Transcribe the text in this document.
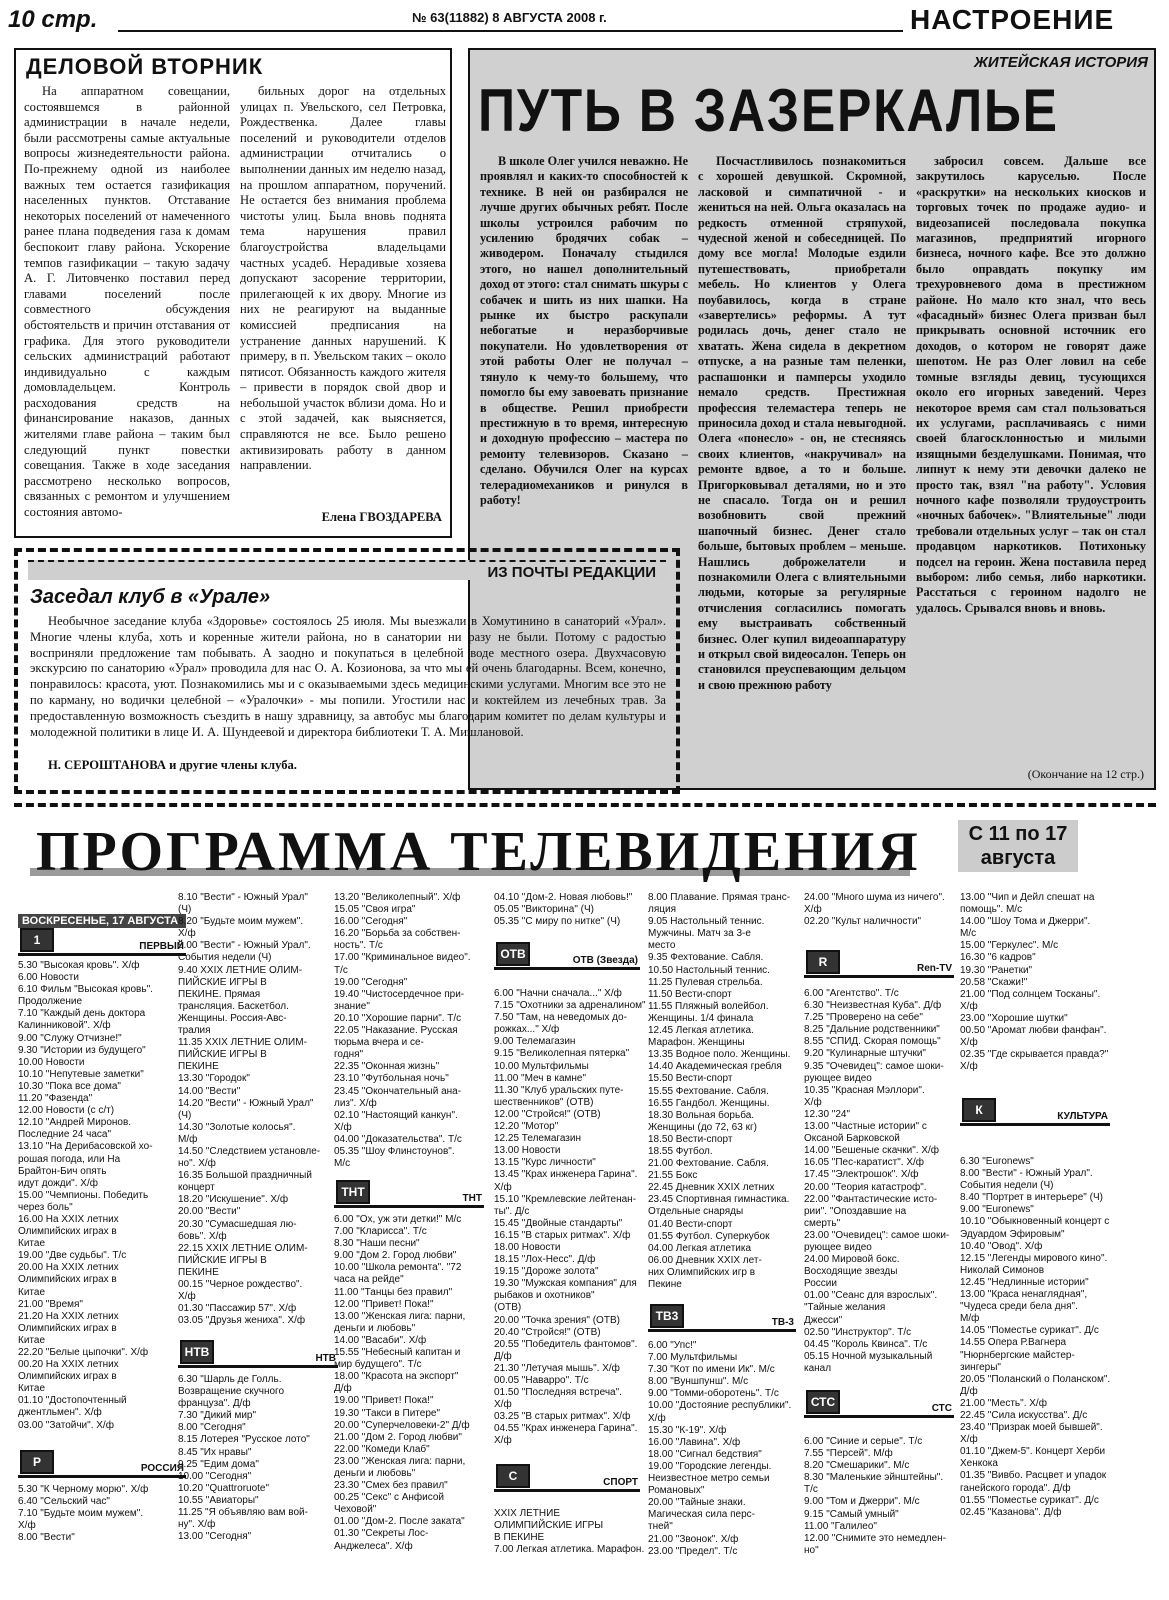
10 стр.	№ 63(11882) 8 АВГУСТА 2008 г.	НАСТРОЕНИЕ
ДЕЛОВОЙ ВТОРНИК

На аппаратном совещании, состоявшемся в районной администрации в начале недели, были рассмотрены самые актуальные вопросы жизнедеятельности района. По-прежнему одной из наиболее важных тем остается газификация населенных пунктов. Отставание некоторых поселений от намеченного ранее плана подведения газа к домам беспокоит главу района. Ускорение темпов газификации – такую задачу А. Г. Литовченко поставил перед главами поселений после совместного обсуждения обстоятельств и причин отставания от графика. Для этого руководители сельских администраций работают индивидуально с каждым домовладельцем. Контроль расходования средств на финансирование наказов, данных жителями главе района – таким был следующий пункт повестки совещания. Также в ходе заседания рассмотрено несколько вопросов, связанных с ремонтом и улучшением состояния автомо-

бильных дорог на отдельных улицах п. Увельского, сел Петровка, Рождественка. Далее главы поселений и руководители отделов администрации отчитались о выполнении данных им неделю назад, на прошлом аппаратном, поручений. Не остается без внимания проблема чистоты улиц. Была вновь поднята тема нарушения правил благоустройства владельцами частных усадеб. Нерадивые хозяева допускают засорение территории, прилегающей к их двору. Многие из них не реагируют на выданные комиссией предписания на устранение данных нарушений. К примеру, в п. Увельском таких – около пятисот. Обязанность каждого жителя – привести в порядок свой двор и небольшой участок вблизи дома. Но и с этой задачей, как выясняется, справляются не все. Было решено активизировать работу в данном направлении.

Елена ГВОЗДАРЕВА
ЖИТЕЙСКАЯ ИСТОРИЯ
ПУТЬ В ЗАЗЕРКАЛЬЕ

В школе Олег учился неважно. Не проявлял и каких-то способностей к технике. В ней он разбирался не лучше других обычных ребят. После школы устроился рабочим по усилению бродячих собак – живодером. Поначалу стыдился этого, но нашел дополнительный доход от этого: стал снимать шкуры с собачек и шить из них шапки. На рынке их быстро раскупали небогатые и неразборчивые покупатели. Но удовлетворения от этой работы Олег не получал – тянуло к чему-то большему, что помогло бы ему завоевать признание в обществе. Решил приобрести престижную в то время, интересную и доходную профессию – мастера по ремонту телевизоров. Сказано – сделано. Обучился Олег на курсах телерадиомехаников и ринулся в работу!

Посчастливилось познакомиться с хорошей девушкой. Скромной, ласковой и симпатичной - и жениться на ней. Ольга оказалась на редкость отменной стряпухой, чудесной женой и собеседницей. По дому все могла! Молодые ездили путешествовать, приобретали мебель. Но клиентов у Олега поубавилось, когда в стране «завертелись» реформы. А тут родилась дочь, денег стало не хватать. Жена сидела в декретном отпуске, а на разные там пеленки, распашонки и памперсы уходило немало средств. Престижная профессия телемастера теперь не приносила доход и стала невыгодной. Олега «понесло» - он, не стесняясь своих клиентов, «накручивал» на ремонте вдвое, а то и больше. Пригорковывал деталями, но и это не спасало. Тогда он и решил возобновить свой прежний шапочный бизнес. Денег стало больше, бытовых проблем – меньше. Нашлись доброжелатели и познакомили Олега с влиятельными людьми, которые за регулярные отчисления согласились помогать ему выстраивать собственный бизнес. Олег купил видеоаппаратуру и открыл свой видеосалон. Теперь он становился преуспевающим дельцом и свою прежнюю работу

забросил совсем. Дальше все закрутилось каруселью. После «раскрутки» на нескольких киосков и торговых точек по продаже аудио- и видеозаписей последовала покупка магазинов, предприятий игорного бизнеса, ночного кафе. Все это должно было оправдать покупку им трехуровневого дома в престижном районе. Но мало кто знал, что весь «фасадный» бизнес Олега призван был прикрывать основной источник его доходов, о котором не говорят даже шепотом. Не раз Олег ловил на себе томные взгляды девиц, тусующихся около его игорных заведений. Через некоторое время сам стал пользоваться их услугами, расплачиваясь с ними своей благосклонностью и милыми изящными безделушками. Понимая, что липнут к нему эти девочки далеко не просто так, взял "на работу". Условия ночного кафе позволяли трудоустроить «ночных бабочек». "Влиятельные" люди требовали отдельных услуг – так он стал продавцом наркотиков. Потихоньку подсел на героин. Жена поставила перед выбором: либо семья, либо наркотики. Расстаться с героином надолго не удалось. Срывался вновь и вновь.

(Окончание на 12 стр.)
ИЗ ПОЧТЫ РЕДАКЦИИ
Заседал клуб в «Урале»

Необычное заседание клуба «Здоровье» состоялось 25 июля. Мы выезжали в Хомутинино в санаторий «Урал». Многие члены клуба, хоть и коренные жители района, но в санатории ни разу не были. Потому с радостью восприняли предложение там побывать. А заодно и покупаться в целебной воде местного озера. Двухчасовую экскурсию по санаторию «Урал» проводила для нас О. А. Козионова, за что мы ей очень благодарны. Всем, конечно, понравилось: красота, уют. Познакомились мы и с оказываемыми здесь медицинскими услугами. Многим все это не по карману, но водички целебной – «Уралочки» - мы попили. Угостили нас и коктейлем из лечебных трав. За предоставленную возможность съездить в нашу здравницу, за автобус мы благодарим комитет по делам культуры и молодежной политики в лице И. А. Шундеевой и директора библиотеки Т. А. Мишлановой.

Н. СЕРОШТАНОВА и другие члены клуба.
ПРОГРАММА ТЕЛЕВИДЕНИЯ	С 11 по 17
августа
ВОСКРЕСЕНЬЕ, 17 АВГУСТА
1	ПЕРВЫЙ
5.30 "Высокая кровь". Х/ф
6.00 Новости
6.10 Фильм "Высокая кровь".
Продолжение
7.10 "Каждый день доктора
Калинниковой". Х/ф
9.00 "Служу Отчизне!"
9.30 "Истории из будущего"
10.00 Новости
10.10 "Непутевые заметки"
10.30 "Пока все дома"
11.20 "Фазенда"
12.00 Новости (с с/т)
12.10 "Андрей Миронов.
Последние 24 часа"
13.10 "На Дерибасовской хо-
рошая погода, или На
Брайтон-Бич опять
идут дожди". Х/ф
15.00 "Чемпионы. Победить
через боль"
16.00 На XXIX летних
Олимпийских играх в
Китае
19.00 "Две судьбы". Т/с
20.00 На XXIX летних
Олимпийских играх в
Китае
21.00 "Время"
21.20 На XXIX летних
Олимпийских играх в
Китае
22.20 "Белые цыпочки". Х/ф
00.20 На XXIX летних
Олимпийских играх в
Китае
01.10 "Достопочтенный
джентльмен". Х/ф
03.00 "Затойчи". Х/ф
Р	РОССИЯ
5.30 "К Черному морю". Х/ф
6.40 "Сельский час"
7.10 "Будьте моим мужем".
Х/ф
8.00 "Вести"
8.10 "Вести" - Южный Урал"
(Ч)
8.20 "Будьте моим мужем".
Х/ф
9.00 "Вести" - Южный Урал".
События недели (Ч)
9.40 XXIX ЛЕТНИЕ ОЛИМ-
ПИЙСКИЕ ИГРЫ В
ПЕКИНЕ. Прямая
трансляция. Баскетбол.
Женщины. Россия-Авс-
тралия
11.35 XXIX ЛЕТНИЕ ОЛИМ-
ПИЙСКИЕ ИГРЫ В
ПЕКИНЕ
13.30 "Городок"
14.00 "Вести"
14.20 "Вести" - Южный Урал"
(Ч)
14.30 "Золотые колосья".
М/ф
14.50 "Следствием установле-
но". Х/ф
16.35 Большой праздничный
концерт
18.20 "Искушение". Х/ф
20.00 "Вести"
20.30 "Сумасшедшая лю-
бовь". Х/ф
22.15 XXIX ЛЕТНИЕ ОЛИМ-
ПИЙСКИЕ ИГРЫ В
ПЕКИНЕ
00.15 "Черное рождество".
Х/ф
01.30 "Пассажир 57". Х/ф
03.05 "Друзья жениха". Х/ф
НТВ	НТВ
6.30 "Шарль де Голль.
Возвращение скучного
француза". Д/ф
7.30 "Дикий мир"
8.00 "Сегодня"
8.15 Лотерея "Русское лото"
8.45 "Их нравы"
9.25 "Едим дома"
10.00 "Сегодня"
10.20 "Quattroruote"
10.55 "Авиаторы"
11.25 "Я объявляю вам вой-
ну". Х/ф
13.00 "Сегодня"
13.20 "Великолепный". Х/ф
15.05 "Своя игра"
16.00 "Сегодня"
16.20 "Борьба за собствен-
ность". Т/с
17.00 "Криминальное видео".
Т/с
19.00 "Сегодня"
19.40 "Чистосердечное при-
знание"
20.10 "Хорошие парни". Т/с
22.05 "Наказание. Русская
тюрьма вчера и се-
годня"
22.35 "Оконная жизнь"
23.10 "Футбольная ночь"
23.45 "Окончательный ана-
лиз". Х/ф
02.10 "Настоящий канкун".
Х/ф
04.00 "Доказательства". Т/с
05.35 "Шоу Флинстоунов".
М/с
ТНТ	ТНТ
6.00 "Ох, уж эти детки!" М/с
7.00 "Кларисса". Т/с
8.30 "Наши песни"
9.00 "Дом 2. Город любви"
10.00 "Школа ремонта". "72
часа на рейде"
11.00 "Танцы без правил"
12.00 "Привет! Пока!"
13.00 "Женская лига: парни,
деньги и любовь"
14.00 "Васаби". Х/ф
15.55 "Небесный капитан и
мир будущего". Т/с
18.00 "Красота на экспорт"
Д/ф
19.00 "Привет! Пока!"
19.30 "Такси в Питере"
20.00 "Суперчеловеки-2" Д/ф
21.00 "Дом 2. Город любви"
22.00 "Комеди Клаб"
23.00 "Женская лига: парни,
деньги и любовь"
23.30 "Смех без правил"
00.25 "Секс" с Анфисой
Чеховой"
01.00 "Дом-2. После заката"
01.30 "Секреты Лос-
Анджелеса". Х/ф
04.10 "Дом-2. Новая любовь!"
05.05 "Викторина" (Ч)
05.35 "С миру по нитке" (Ч)
ОТВ	ОТВ (Звезда)
6.00 "Начни сначала..." Х/ф
7.15 "Охотники за адреналином"
7.50 "Там, на неведомых до-
рожках..." Х/ф
9.00 Телемагазин
9.15 "Великолепная пятерка"
10.00 Мультфильмы
11.00 "Меч в камне"
11.30 "Клуб уральских путе-
шественников" (ОТВ)
12.00 "Стройся!" (ОТВ)
12.20 "Мотор"
12.25 Телемагазин
13.00 Новости
13.15 "Курс личности"
13.45 "Крах инженера Гарина".
Х/ф
15.10 "Кремлевские лейтенан-
ты". Д/с
15.45 "Двойные стандарты"
16.15 "В старых ритмах". Х/ф
18.00 Новости
18.15 "Лох-Несс". Д/ф
19.15 "Дороже золота"
19.30 "Мужская компания" для
рыбаков и охотников"
(ОТВ)
20.00 "Точка зрения" (ОТВ)
20.40 "Стройся!" (ОТВ)
20.55 "Победитель фантомов".
Д/ф
21.30 "Летучая мышь". Х/ф
00.05 "Наварро". Т/с
01.50 "Последняя встреча".
Х/ф
03.25 "В старых ритмах". Х/ф
04.55 "Крах инженера Гарина".
Х/ф
С	СПОРТ
XXIX ЛЕТНИЕ
ОЛИМПИЙСКИЕ ИГРЫ
В ПЕКИНЕ
7.00 Легкая атлетика. Марафон.
8.00 Плавание. Прямая транс-
ляция
9.05 Настольный теннис.
Мужчины. Матч за 3-е
место
9.35 Фехтование. Сабля.
10.50 Настольный теннис.
11.25 Пулевая стрельба.
11.50 Вести-спорт
11.55 Пляжный волейбол.
Женщины. 1/4 финала
12.45 Легкая атлетика.
Марафон. Женщины
13.35 Водное поло. Женщины.
14.40 Академическая гребля
15.50 Вести-спорт
15.55 Фехтование. Сабля.
16.55 Гандбол. Женщины.
18.30 Вольная борьба.
Женщины (до 72, 63 кг)
18.50 Вести-спорт
18.55 Футбол.
21.00 Фехтование. Сабля.
21.55 Бокс
22.45 Дневник XXIX летних
23.45 Спортивная гимнастика.
Отдельные снаряды
01.40 Вести-спорт
01.55 Футбол. Суперкубок
04.00 Легкая атлетика
06.00 Дневник XXIX лет-
них Олимпийских игр в
Пекине
ТВ3	ТВ-3
6.00 "Упс!"
7.00 Мультфильмы
7.30 "Кот по имени Ик". М/с
8.00 "Вуншпунш". М/с
9.00 "Томми-оборотень". Т/с
10.00 "Достояние республики".
Х/ф
15.30 "К-19". Х/ф
16.00 "Лавина". Х/ф
18.00 "Сигнал бедствия"
19.00 "Городские легенды.
Неизвестное метро семьи
Романовых"
20.00 "Тайные знаки.
Магическая сила перс-
тней"
21.00 "Звонок". Х/ф
23.00 "Предел". Т/с
24.00 "Много шума из ничего".
Х/ф
02.20 "Культ наличности"
R	Ren-TV
6.00 "Агентство". Т/с
6.30 "Неизвестная Куба". Д/ф
7.25 "Проверено на себе"
8.25 "Дальние родственники"
8.55 "СПИД. Скорая помощь"
9.20 "Кулинарные штучки"
9.35 "Очевидец": самое шоки-
рующее видео
10.35 "Красная Мэллори".
Х/ф
12.30 "24"
13.00 "Частные истории" с
Оксаной Барковской
14.00 "Бешеные скачки". Х/ф
16.05 "Пес-каратист". Х/ф
17.45 "Электрошок". Х/ф
20.00 "Теория катастроф".
22.00 "Фантастические исто-
рии". "Опоздавшие на
смерть"
23.00 "Очевидец": самое шоки-
рующее видео
24.00 Мировой бокс.
Восходящие звезды
России
01.00 "Сеанс для взрослых".
"Тайные желания
Джесси"
02.50 "Инструктор". Т/с
04.45 "Король Квинса". Т/с
05.15 Ночной музыкальный
канал
СТС	СТС
6.00 "Синие и серые". Т/с
7.55 "Персей". М/ф
8.20 "Смешарики". М/с
8.30 "Маленькие эйнштейны".
Т/с
9.00 "Том и Джерри". М/с
9.15 "Самый умный"
11.00 "Галилео"
12.00 "Снимите это немедлен-
но"
13.00 "Чип и Дейл спешат на
помощь". М/с
14.00 "Шоу Тома и Джерри".
М/с
15.00 "Геркулес". М/с
16.30 "6 кадров"
19.30 "Ранетки"
20.58 "Скажи!"
21.00 "Под солнцем Тосканы".
Х/ф
23.00 "Хорошие шутки"
00.50 "Аромат любви фанфан".
Х/ф
02.35 "Где скрывается правда?"
Х/ф
К	КУЛЬТУРА
6.30 "Euronews"
8.00 "Вести" - Южный Урал".
События недели (Ч)
8.40 "Портрет в интерьере" (Ч)
9.00 "Euronews"
10.10 "Обыкновенный концерт с
Эдуардом Эфировым"
10.40 "Овод". Х/ф
12.15 "Легенды мирового кино".
Николай Симонов
12.45 "Недлинные истории"
13.00 "Краса ненаглядная",
"Чудеса среди бела дня".
М/ф
14.05 "Поместье сурикат". Д/с
14.55 Опера Р.Вагнера
"Нюрнбергские майстер-
зингеры"
20.05 "Поланский о Поланском".
Д/ф
21.00 "Месть". Х/ф
22.45 "Сила искусства". Д/с
23.40 "Призрак моей бывшей".
Х/ф
01.10 "Джем-5". Концерт Херби
Хенкока
01.35 "Вивбо. Расцвет и упадок
ганейского города". Д/ф
01.55 "Поместье сурикат". Д/с
02.45 "Казанова". Д/ф
